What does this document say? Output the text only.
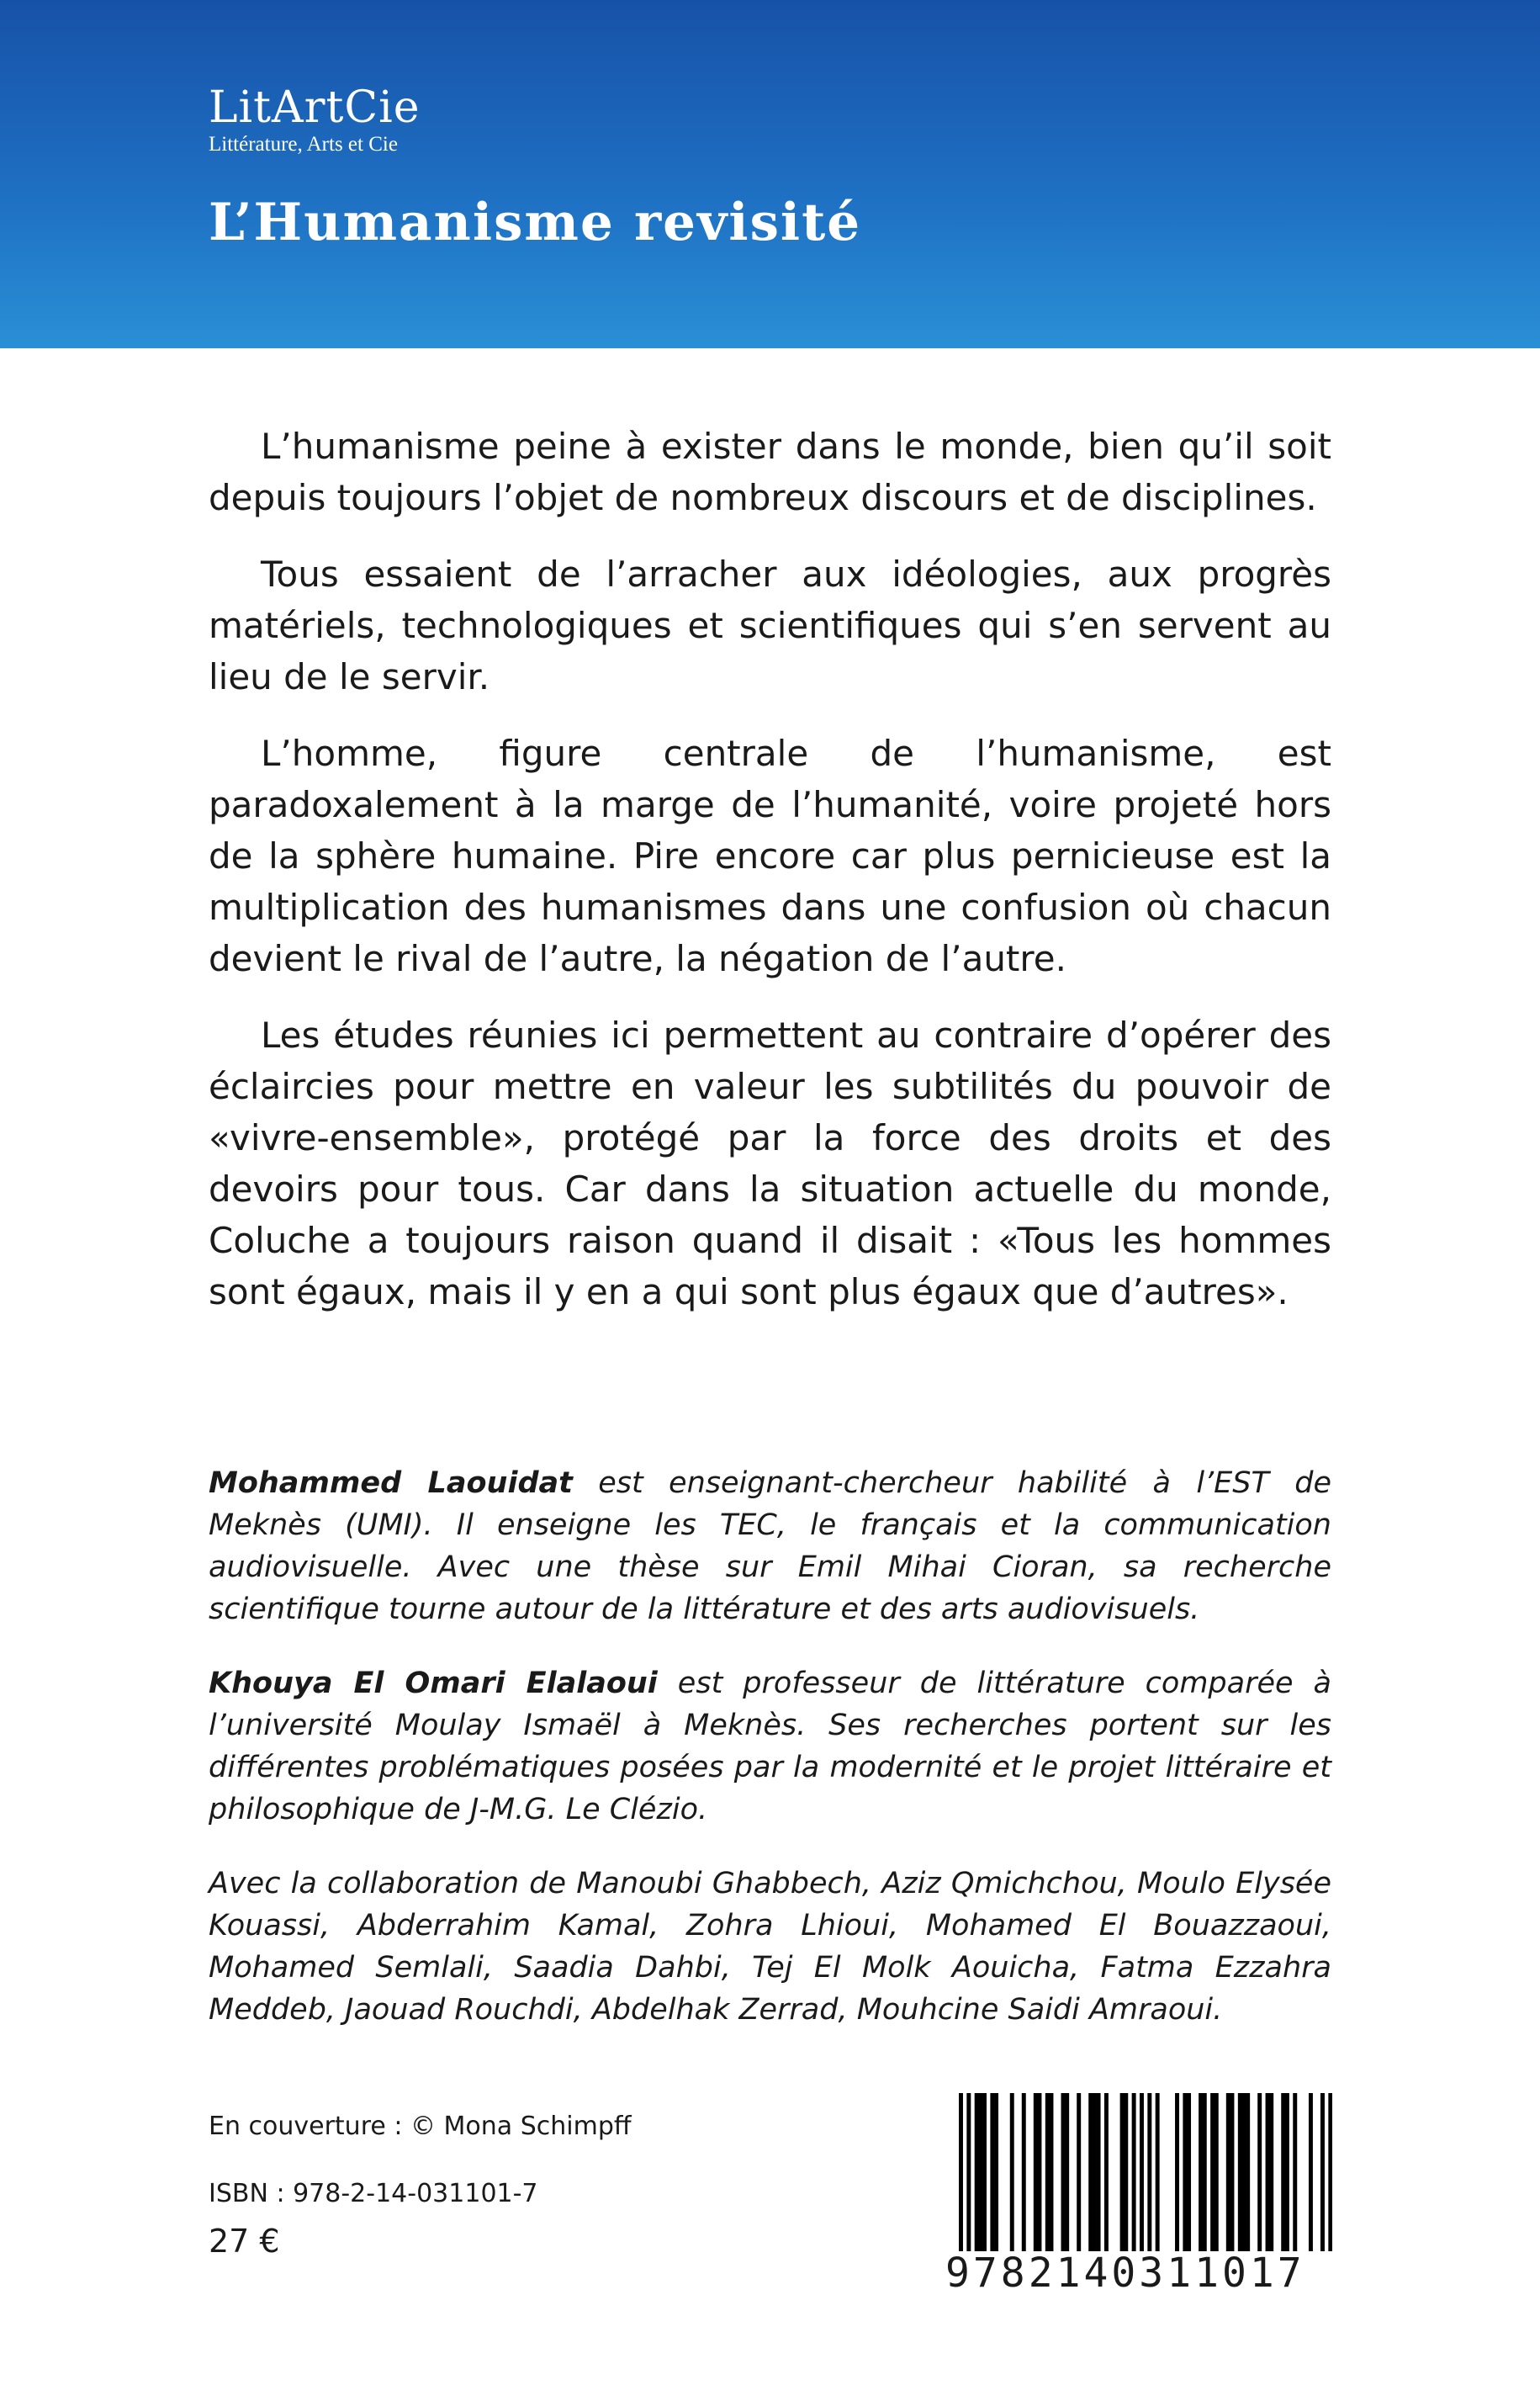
LitArtCie
Littérature, Arts et Cie
L’Humanisme revisité

L’humanisme peine à exister dans le monde, bien qu’il soit depuis toujours l’objet de nombreux discours et de disciplines.

Tous essaient de l’arracher aux idéologies, aux progrès matériels, technologiques et scientifiques qui s’en servent au lieu de le servir.

L’homme, figure centrale de l’humanisme, est paradoxalement à la marge de l’humanité, voire projeté hors de la sphère humaine. Pire encore car plus pernicieuse est la multiplication des humanismes dans une confusion où chacun devient le rival de l’autre, la négation de l’autre.

Les études réunies ici permettent au contraire d’opérer des éclaircies pour mettre en valeur les subtilités du pouvoir de «vivre-ensemble», protégé par la force des droits et des devoirs pour tous. Car dans la situation actuelle du monde, Coluche a toujours raison quand il disait : «Tous les hommes sont égaux, mais il y en a qui sont plus égaux que d’autres».

Mohammed Laouidat est enseignant-chercheur habilité à l’EST de Meknès (UMI). Il enseigne les TEC, le français et la communication audiovisuelle. Avec une thèse sur Emil Mihai Cioran, sa recherche scientifique tourne autour de la littérature et des arts audiovisuels.

Khouya El Omari Elalaoui est professeur de littérature comparée à l’université Moulay Ismaël à Meknès. Ses recherches portent sur les différentes problématiques posées par la modernité et le projet littéraire et philosophique de J-M.G. Le Clézio.

Avec la collaboration de Manoubi Ghabbech, Aziz Qmichchou, Moulo Elysée Kouassi, Abderrahim Kamal, Zohra Lhioui, Mohamed El Bouazzaoui, Mohamed Semlali, Saadia Dahbi, Tej El Molk Aouicha, Fatma Ezzahra Meddeb, Jaouad Rouchdi, Abdelhak Zerrad, Mouhcine Saidi Amraoui.

En couverture : © Mona Schimpff
ISBN : 978-2-14-031101-7
27 €
9782140311017
